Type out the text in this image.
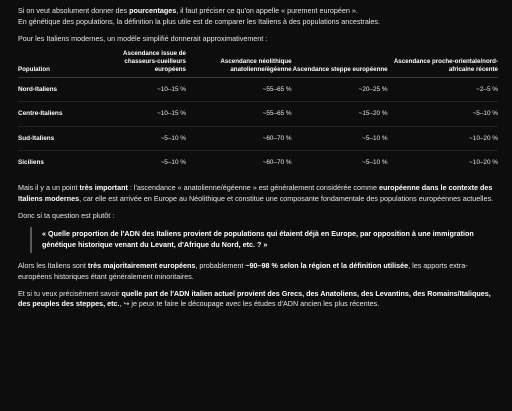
Si on veut absolument donner des pourcentages, il faut préciser ce qu'on appelle « purement européen ».
En génétique des populations, la définition la plus utile est de comparer les Italiens à des populations ancestrales.

Pour les Italiens modernes, un modèle simplifié donnerait approximativement :

Population	Ascendance issue de chasseurs-cueilleurs européens	Ascendance néolithique anatolienne/égéenne	Ascendance steppe européenne	Ascendance proche-orientale/nord-africaine récente
Nord-Italiens	~10–15 %	~55–65 %	~20–25 %	~2–5 %
Centre-Italiens	~10–15 %	~55–65 %	~15–20 %	~5–10 %
Sud-Italiens	~5–10 %	~60–70 %	~5–10 %	~10–20 %
Siciliens	~5–10 %	~60–70 %	~5–10 %	~10–20 %

Mais il y a un point très important : l'ascendance « anatolienne/égéenne » est généralement considérée comme européenne dans le contexte des Italiens modernes, car elle est arrivée en Europe au Néolithique et constitue une composante fondamentale des populations européennes actuelles.

Donc si ta question est plutôt :

« Quelle proportion de l'ADN des Italiens provient de populations qui étaient déjà en Europe, par opposition à une immigration génétique historique venant du Levant, d'Afrique du Nord, etc. ? »

Alors les Italiens sont très majoritairement européens, probablement ~90–98 % selon la région et la définition utilisée, les apports extra-européens historiques étant généralement minoritaires.

Et si tu veux précisément savoir quelle part de l'ADN italien actuel provient des Grecs, des Anatoliens, des Levantins, des Romains/Italiques, des peuples des steppes, etc., ↪ je peux te faire le découpage avec les études d'ADN ancien les plus récentes.
